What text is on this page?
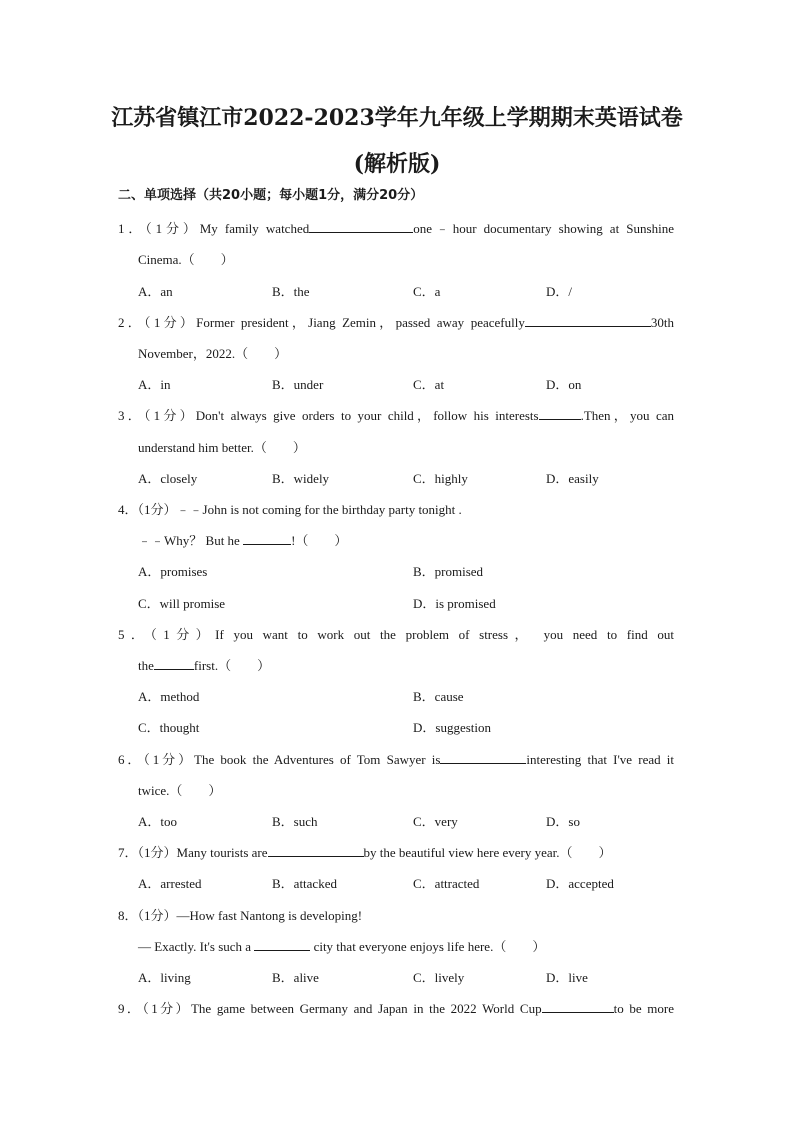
江苏省镇江市2022-2023学年九年级上学期期末英语试卷(解析版)
二、单项选择（共20小题；每小题1分，满分20分）
1．（1分）My family watched	one﹣hour documentary showing at Sunshine
Cinema.（　　）
A．an	B．the	C．a	D．/
2．（1分）Former president，Jiang Zemin，passed away peacefully	30th
November，2022.（　　）
A．in	B．under	C．at	D．on
3．（1分）Don't always give orders to your child，follow his interests	.Then，you can
understand him better.（　　）
A．closely	B．widely	C．highly	D．easily
4．（1分）﹣﹣John is not coming for the birthday party tonight .
﹣﹣Why？ But he	!（　　）
A．promises	B．promised
C．will promise	D．is promised
5．（1分）If you want to work out the problem of stress， you need to find out
the	first.（　　）
A．method	B．cause
C．thought	D．suggestion
6．（1分）The book the Adventures of Tom Sawyer is	interesting that I've read it
twice.（　　）
A．too	B．such	C．very	D．so
7．（1分）Many tourists are	by the beautiful view here every year.（　　）
A．arrested	B．attacked	C．attracted	D．accepted
8．（1分）—How fast Nantong is developing!
— Exactly. It's such a	city that everyone enjoys life here.（　　）
A．living	B．alive	C．lively	D．live
9．（1分）The game between Germany and Japan in the 2022 World Cup	to be more
